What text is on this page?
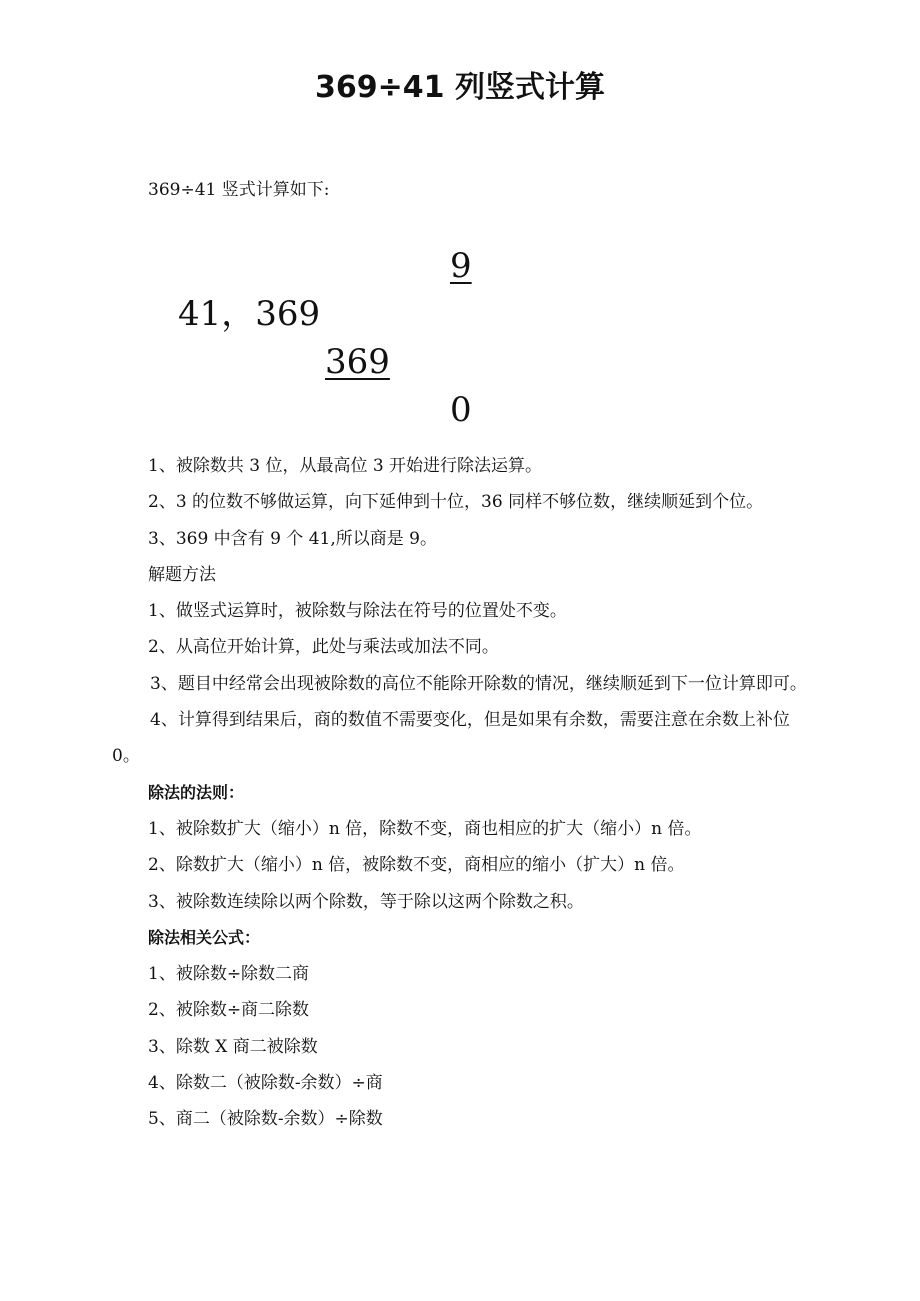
369÷41 列竖式计算
369÷41 竖式计算如下:
9
41，369
369
0

1、被除数共 3 位，从最高位 3 开始进行除法运算。

2、3 的位数不够做运算，向下延伸到十位，36 同样不够位数，继续顺延到个位。

3、369 中含有 9 个 41,所以商是 9。

解题方法

1、做竖式运算时，被除数与除法在符号的位置处不变。

2、从高位开始计算，此处与乘法或加法不同。

3、题目中经常会出现被除数的高位不能除开除数的情况，继续顺延到下一位计算即可。

4、计算得到结果后，商的数值不需要变化，但是如果有余数，需要注意在余数上补位 0。

除法的法则：

1、被除数扩大（缩小）n 倍，除数不变，商也相应的扩大（缩小）n 倍。

2、除数扩大（缩小）n 倍，被除数不变，商相应的缩小（扩大）n 倍。

3、被除数连续除以两个除数，等于除以这两个除数之积。

除法相关公式：

1、被除数÷除数二商

2、被除数÷商二除数

3、除数 X 商二被除数

4、除数二（被除数-余数）÷商

5、商二（被除数-余数）÷除数
